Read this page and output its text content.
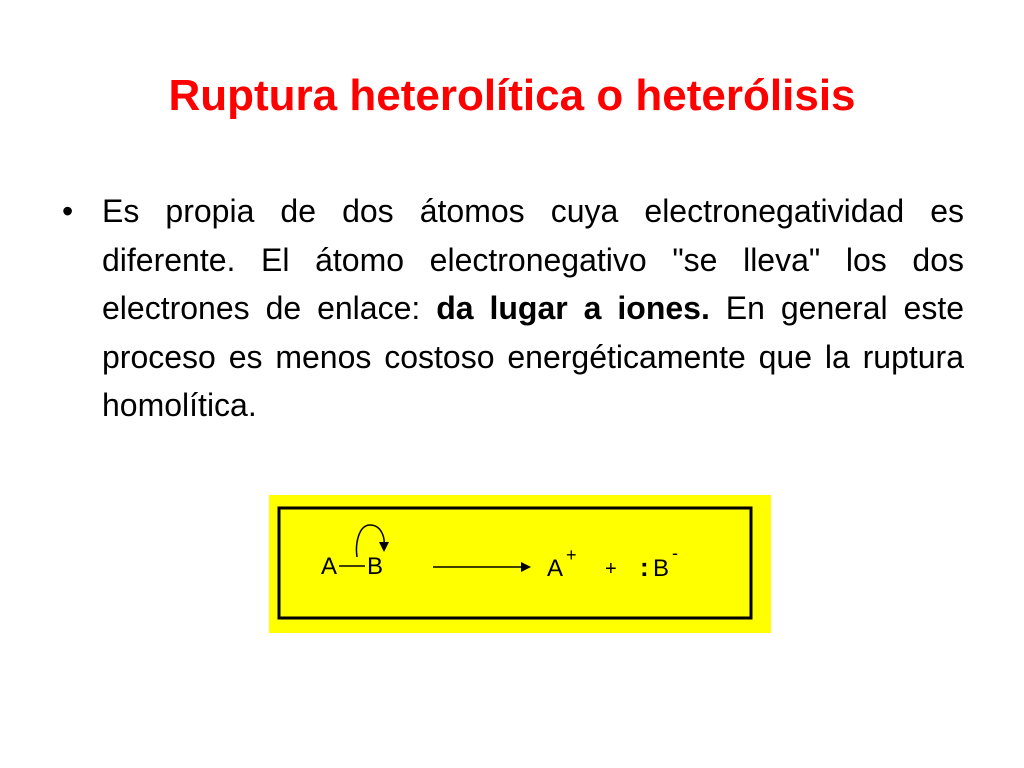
Ruptura heterolítica o heterólisis
• Es propia de dos átomos cuya electronegatividad es diferente. El átomo electronegativo "se lleva" los dos electrones de enlace: da lugar a iones. En general este proceso es menos costoso energéticamente que la ruptura homolítica.
A B	A +
+ : B
-
